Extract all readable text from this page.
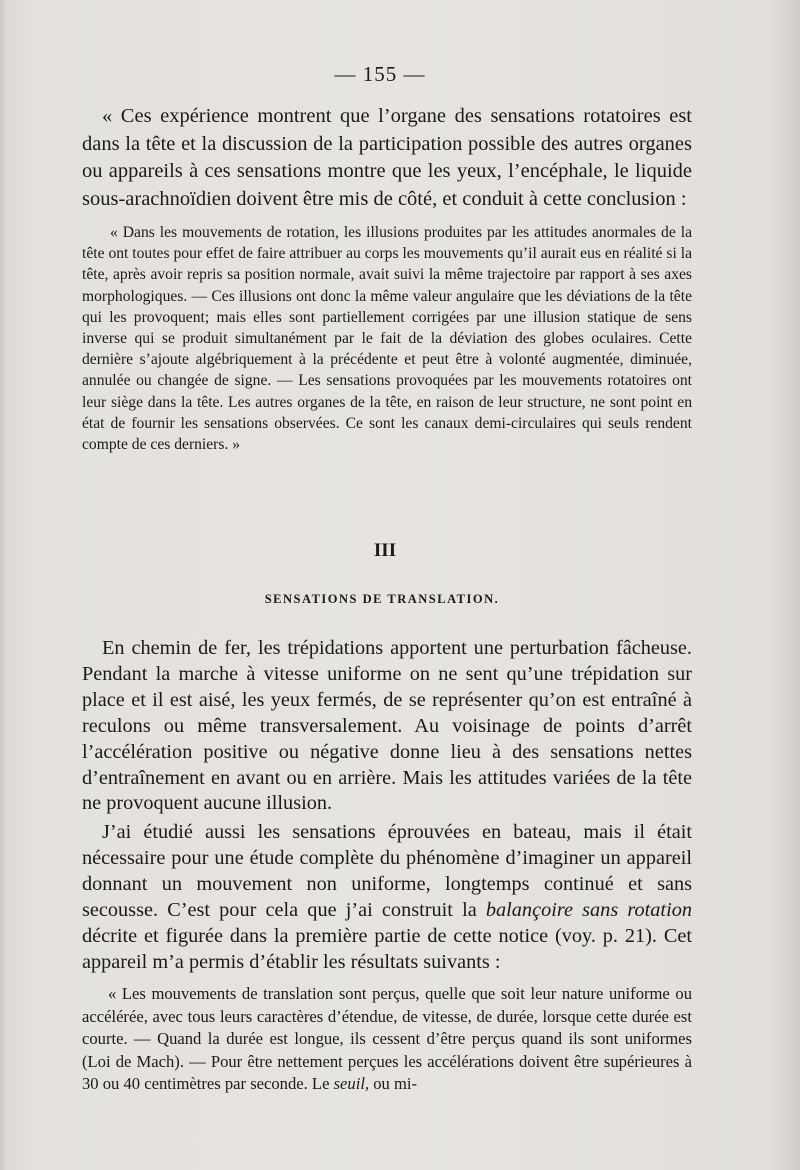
— 155 —

« Ces expérience montrent que l’organe des sensations rotatoires est dans la tête et la discussion de la participation possible des autres organes ou appareils à ces sensations montre que les yeux, l’encéphale, le liquide sous-arachnoïdien doivent être mis de côté, et conduit à cette conclusion :

« Dans les mouvements de rotation, les illusions produites par les attitudes anormales de la tête ont toutes pour effet de faire attribuer au corps les mouvements qu’il aurait eus en réalité si la tête, après avoir repris sa position normale, avait suivi la même trajectoire par rapport à ses axes morphologiques. — Ces illusions ont donc la même valeur angulaire que les déviations de la tête qui les provoquent; mais elles sont partiellement corrigées par une illusion statique de sens inverse qui se produit simultanément par le fait de la déviation des globes oculaires. Cette dernière s’ajoute algébriquement à la précédente et peut être à volonté augmentée, diminuée, annulée ou changée de signe. — Les sensations provoquées par les mouvements rotatoires ont leur siège dans la tête. Les autres organes de la tête, en raison de leur structure, ne sont point en état de fournir les sensations observées. Ce sont les canaux demi-circulaires qui seuls rendent compte de ces derniers. »

III
SENSATIONS DE TRANSLATION.

En chemin de fer, les trépidations apportent une perturbation fâcheuse. Pendant la marche à vitesse uniforme on ne sent qu’une trépidation sur place et il est aisé, les yeux fermés, de se représenter qu’on est entraîné à reculons ou même transversalement. Au voisinage de points d’arrêt l’accélération positive ou négative donne lieu à des sensations nettes d’entraînement en avant ou en arrière. Mais les attitudes variées de la tête ne provoquent aucune illusion.

J’ai étudié aussi les sensations éprouvées en bateau, mais il était nécessaire pour une étude complète du phénomène d’imaginer un appareil donnant un mouvement non uniforme, longtemps continué et sans secousse. C’est pour cela que j’ai construit la balançoire sans rotation décrite et figurée dans la première partie de cette notice (voy. p. 21). Cet appareil m’a permis d’établir les résultats suivants :

« Les mouvements de translation sont perçus, quelle que soit leur nature uniforme ou accélérée, avec tous leurs caractères d’étendue, de vitesse, de durée, lorsque cette durée est courte. — Quand la durée est longue, ils cessent d’être perçus quand ils sont uniformes (Loi de Mach). — Pour être nettement perçues les accélérations doivent être supérieures à 30 ou 40 centimètres par seconde. Le seuil, ou mi-
